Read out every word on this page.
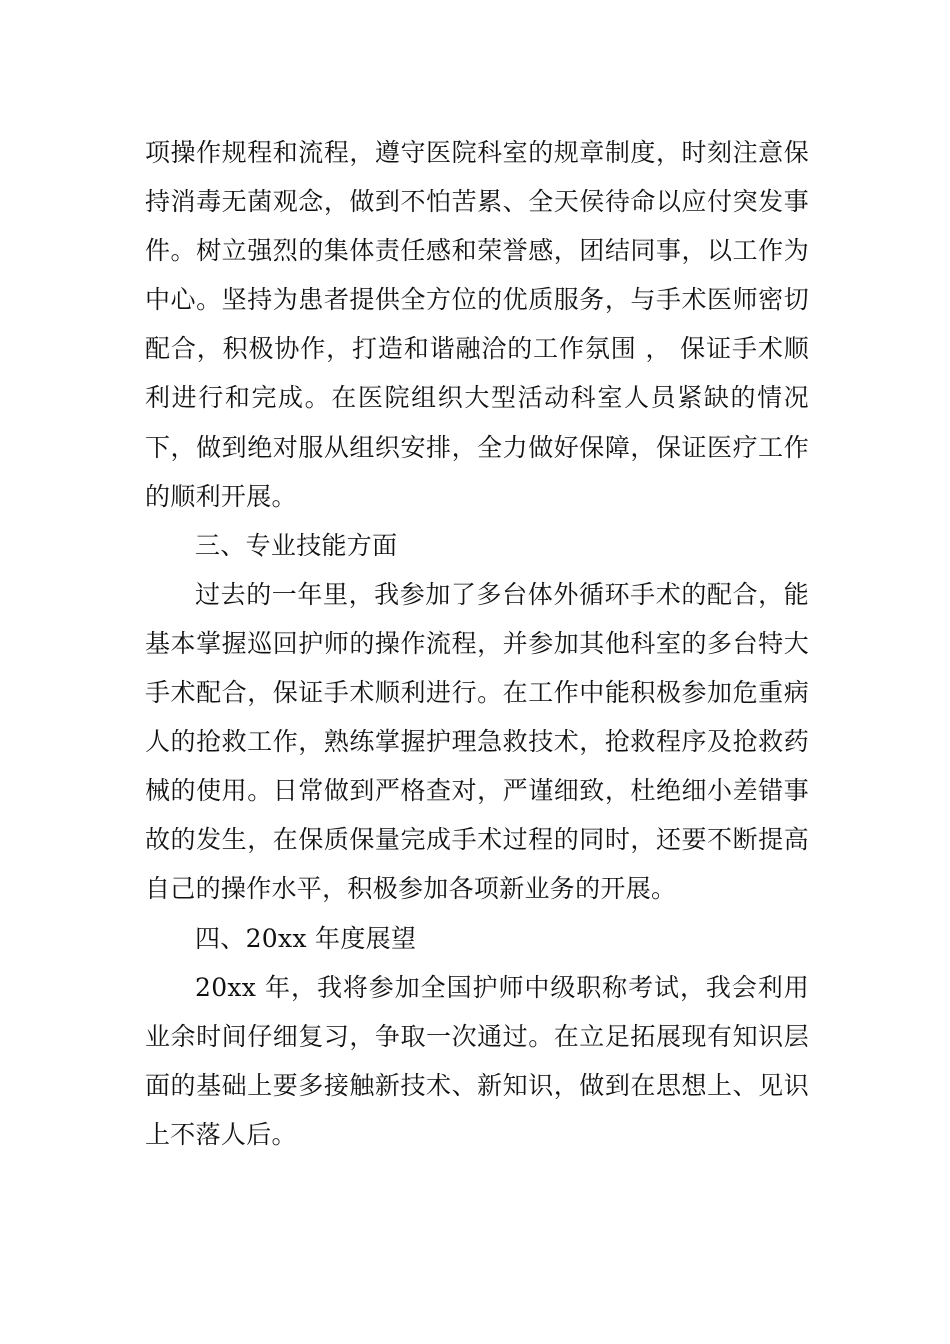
项操作规程和流程，遵守医院科室的规章制度，时刻注意保持消毒无菌观念，做到不怕苦累、全天侯待命以应付突发事件。树立强烈的集体责任感和荣誉感，团结同事，以工作为中心。坚持为患者提供全方位的优质服务，与手术医师密切配合，积极协作，打造和谐融洽的工作氛围 ， 保证手术顺利进行和完成。在医院组织大型活动科室人员紧缺的情况下，做到绝对服从组织安排，全力做好保障，保证医疗工作的顺利开展。

三、专业技能方面

过去的一年里，我参加了多台体外循环手术的配合，能基本掌握巡回护师的操作流程，并参加其他科室的多台特大手术配合，保证手术顺利进行。在工作中能积极参加危重病人的抢救工作，熟练掌握护理急救技术，抢救程序及抢救药械的使用。日常做到严格查对，严谨细致，杜绝细小差错事故的发生，在保质保量完成手术过程的同时，还要不断提高自己的操作水平，积极参加各项新业务的开展。

四、20xx 年度展望

20xx 年，我将参加全国护师中级职称考试，我会利用业余时间仔细复习，争取一次通过。在立足拓展现有知识层面的基础上要多接触新技术、新知识，做到在思想上、见识上不落人后。
